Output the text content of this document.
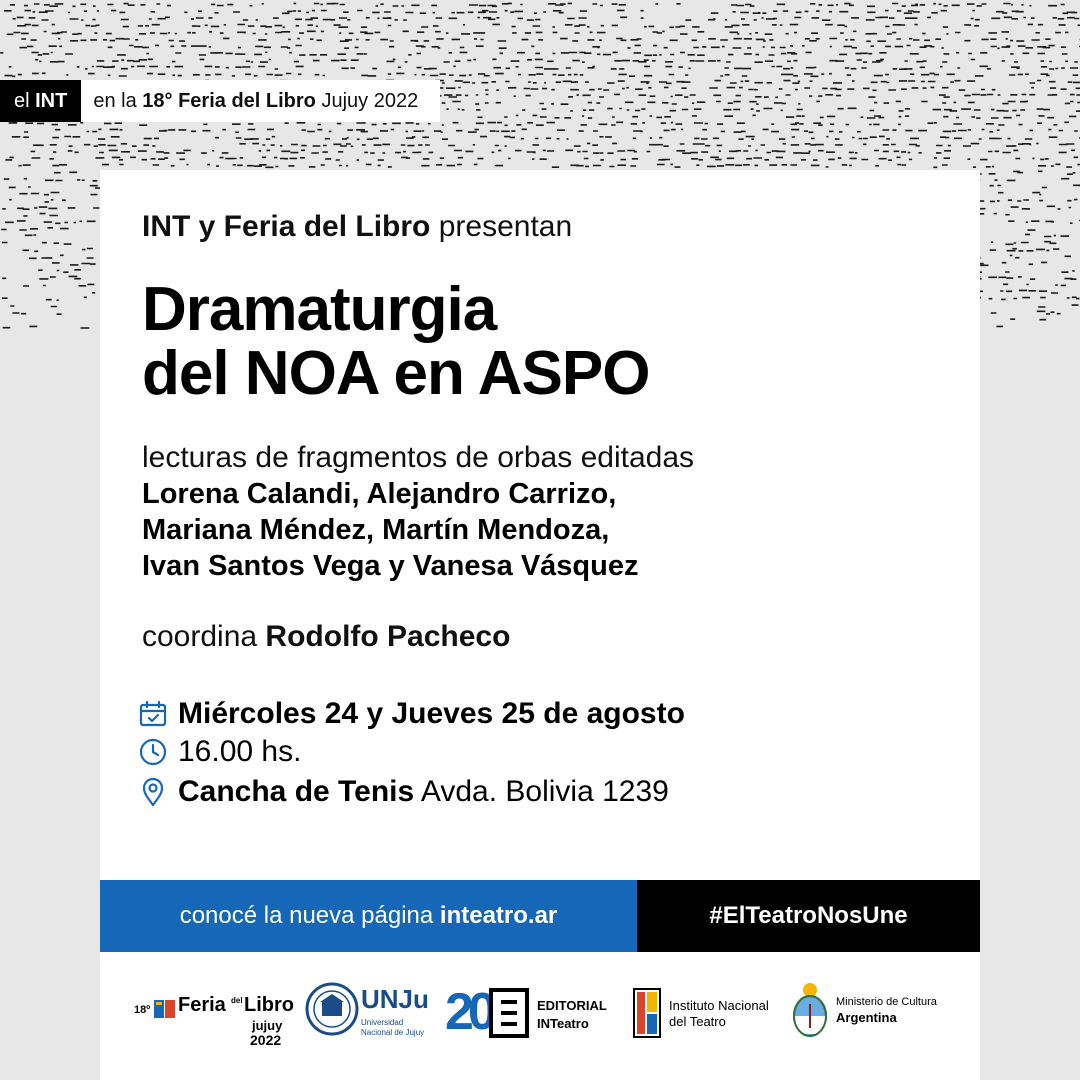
el INT en la 18° Feria del Libro Jujuy 2022
INT y Feria del Libro presentan
Dramaturgia
del NOA en ASPO
lecturas de fragmentos de orbas editadas
Lorena Calandi, Alejandro Carrizo,
Mariana Méndez, Martín Mendoza,
Ivan Santos Vega y Vanesa Vásquez
coordina Rodolfo Pacheco
Miércoles 24 y Jueves 25 de agosto
16.00 hs.
Cancha de Tenis Avda. Bolivia 1239
conocé la nueva página inteatro.ar	#ElTeatroNosUne
18º Feria del Libro
jujuy
2022
UNJu
Universidad
Nacional de Jujuy 20	EDITORIAL
INTeatro
Instituto Nacional
del Teatro
Ministerio de Cultura
Argentina
